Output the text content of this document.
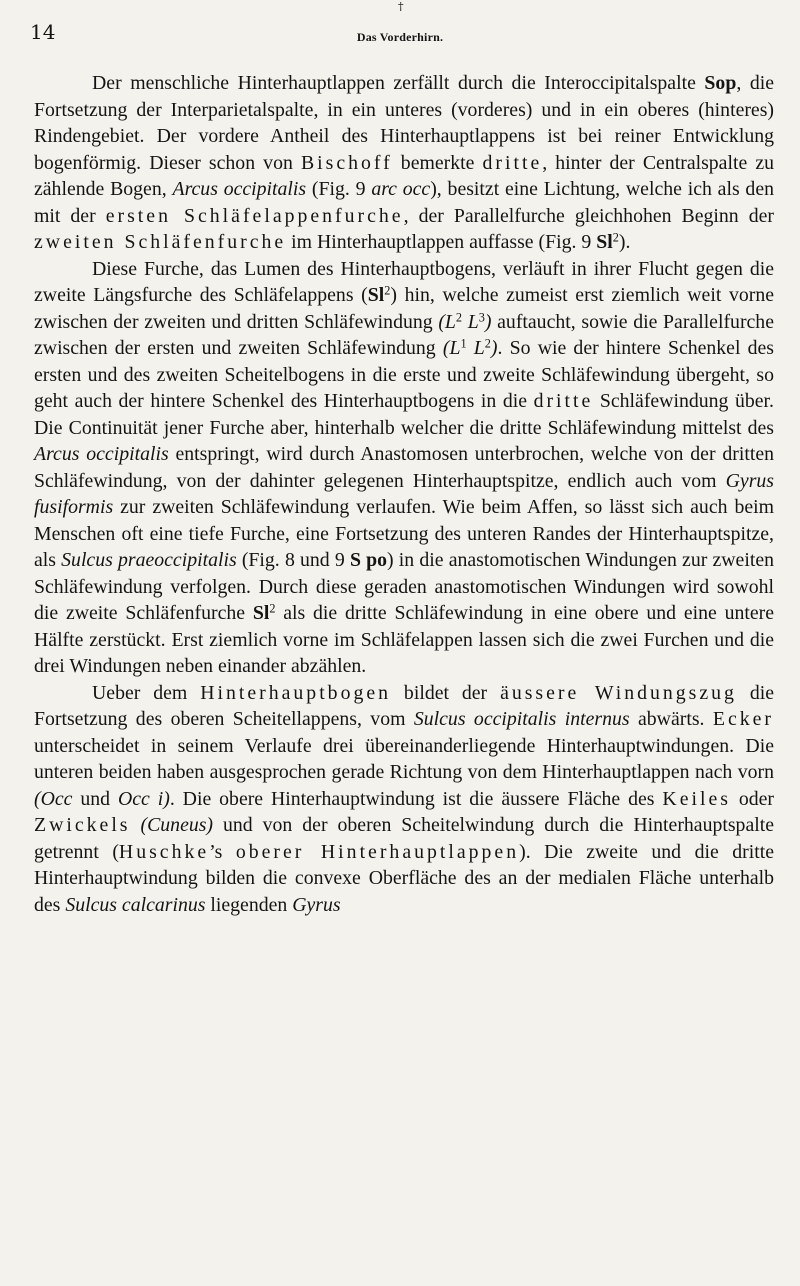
†
14	Das Vorderhirn.

Der menschliche Hinterhauptlappen zerfällt durch die Interoccipitalspalte Sop, die Fortsetzung der Interparietalspalte, in ein unteres (vorderes) und in ein oberes (hinteres) Rindengebiet. Der vordere Antheil des Hinterhauptlappens ist bei reiner Entwicklung bogenförmig. Dieser schon von Bischoff bemerkte dritte, hinter der Centralspalte zu zählende Bogen, Arcus occipitalis (Fig. 9 arc occ), besitzt eine Lichtung, welche ich als den mit der ersten Schläfelappenfurche, der Parallelfurche gleichhohen Beginn der zweiten Schläfenfurche im Hinterhauptlappen auffasse (Fig. 9 Sl$^2$).

Diese Furche, das Lumen des Hinterhauptbogens, verläuft in ihrer Flucht gegen die zweite Längsfurche des Schläfelappens (Sl$^2$) hin, welche zumeist erst ziemlich weit vorne zwischen der zweiten und dritten Schläfewindung ($L^2$ $L^3$) auftaucht, sowie die Parallelfurche zwischen der ersten und zweiten Schläfewindung ($L^1$ $L^2$). So wie der hintere Schenkel des ersten und des zweiten Scheitelbogens in die erste und zweite Schläfewindung übergeht, so geht auch der hintere Schenkel des Hinterhauptbogens in die dritte Schläfewindung über. Die Continuität jener Furche aber, hinterhalb welcher die dritte Schläfewindung mittelst des Arcus occipitalis entspringt, wird durch Anastomosen unterbrochen, welche von der dritten Schläfewindung, von der dahinter gelegenen Hinterhauptspitze, endlich auch vom Gyrus fusiformis zur zweiten Schläfewindung verlaufen. Wie beim Affen, so lässt sich auch beim Menschen oft eine tiefe Furche, eine Fortsetzung des unteren Randes der Hinterhauptspitze, als Sulcus praeoccipitalis (Fig. 8 und 9 S po) in die anastomotischen Windungen zur zweiten Schläfewindung verfolgen. Durch diese geraden anastomotischen Windungen wird sowohl die zweite Schläfenfurche Sl$^2$ als die dritte Schläfewindung in eine obere und eine untere Hälfte zerstückt. Erst ziemlich vorne im Schläfelappen lassen sich die zwei Furchen und die drei Windungen neben einander abzählen.

Ueber dem Hinterhauptbogen bildet der äussere Windungszug die Fortsetzung des oberen Scheitellappens, vom Sulcus occipitalis internus abwärts. Ecker unterscheidet in seinem Verlaufe drei übereinanderliegende Hinterhauptwindungen. Die unteren beiden haben ausgesprochen gerade Richtung von dem Hinterhauptlappen nach vorn (Occ und Occ i). Die obere Hinterhauptwindung ist die äussere Fläche des Keiles oder Zwickels (Cuneus) und von der oberen Scheitelwindung durch die Hinterhauptspalte getrennt (Huschke’s oberer Hinterhauptlappen). Die zweite und die dritte Hinterhauptwindung bilden die convexe Oberfläche des an der medialen Fläche unterhalb des Sulcus calcarinus liegenden Gyrus
